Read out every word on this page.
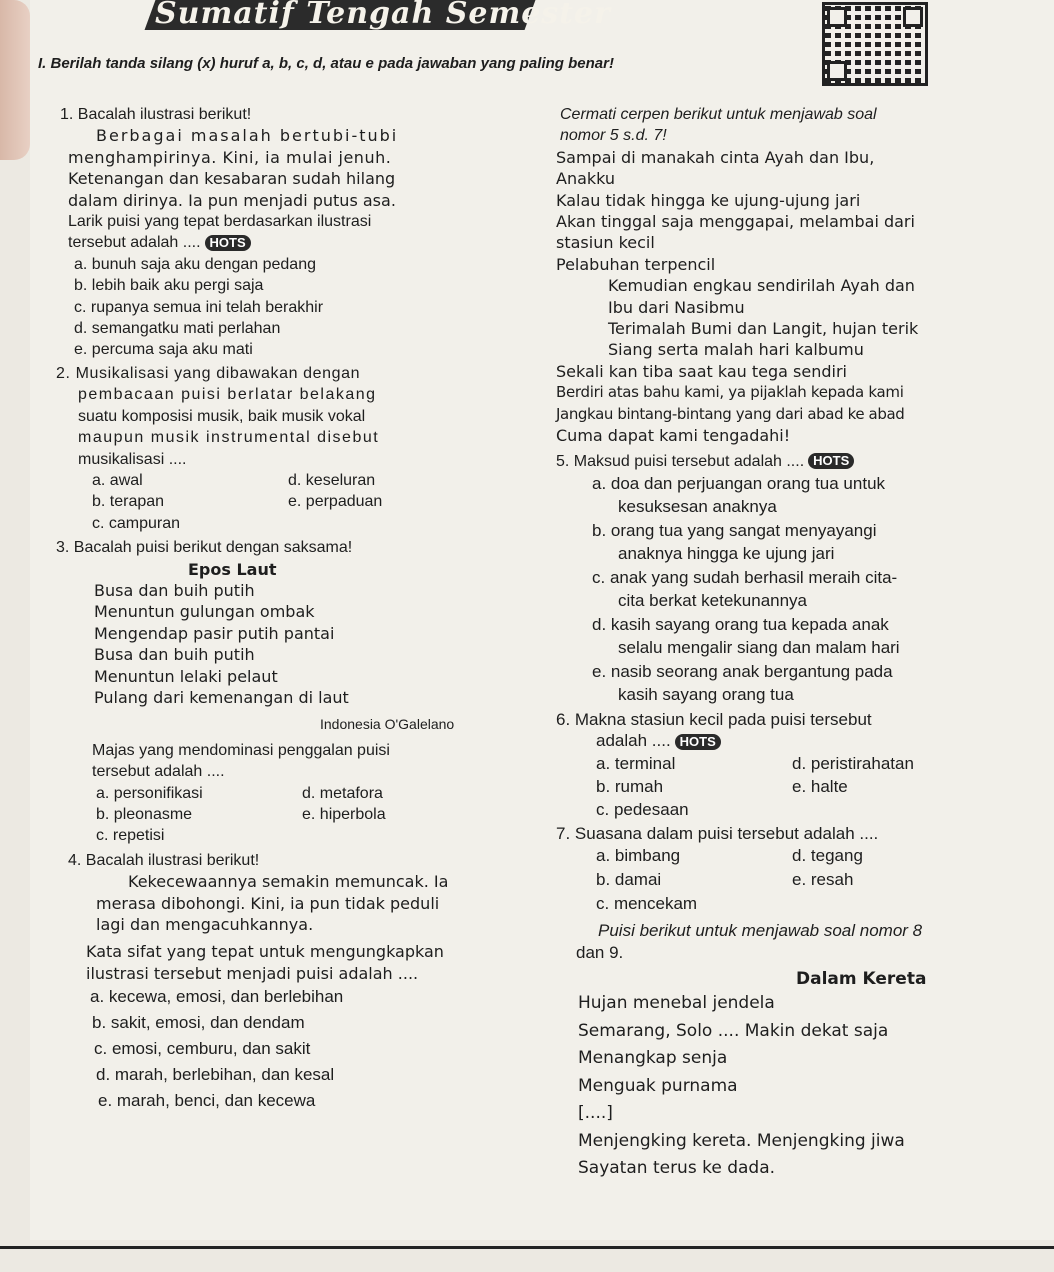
Sumatif Tengah Semester
I. Berilah tanda silang (x) huruf a, b, c, d, atau e pada jawaban yang paling benar!

1. Bacalah ilustrasi berikut!

Berbagai masalah bertubi-tubi

menghampirinya. Kini, ia mulai jenuh.

Ketenangan dan kesabaran sudah hilang

dalam dirinya. Ia pun menjadi putus asa.

Larik puisi yang tepat berdasarkan ilustrasi

tersebut adalah .... HOTS

a. bunuh saja aku dengan pedang

b. lebih baik aku pergi saja

c. rupanya semua ini telah berakhir

d. semangatku mati perlahan

e. percuma saja aku mati

2. Musikalisasi yang dibawakan dengan

pembacaan puisi berlatar belakang

suatu komposisi musik, baik musik vokal

maupun musik instrumental disebut

musikalisasi ....

a. awal	d. keseluran
b. terapan	e. perpaduan
c. campuran

3. Bacalah puisi berikut dengan saksama!

Epos Laut

Busa dan buih putih

Menuntun gulungan ombak

Mengendap pasir putih pantai

Busa dan buih putih

Menuntun lelaki pelaut

Pulang dari kemenangan di laut

Indonesia O'Galelano

Majas yang mendominasi penggalan puisi

tersebut adalah ....

a. personifikasi	d. metafora
b. pleonasme	e. hiperbola
c. repetisi

4. Bacalah ilustrasi berikut!

Kekecewaannya semakin memuncak. Ia

merasa dibohongi. Kini, ia pun tidak peduli

lagi dan mengacuhkannya.

Kata sifat yang tepat untuk mengungkapkan

ilustrasi tersebut menjadi puisi adalah ....

a. kecewa, emosi, dan berlebihan

b. sakit, emosi, dan dendam

c. emosi, cemburu, dan sakit

d. marah, berlebihan, dan kesal

e. marah, benci, dan kecewa

Cermati cerpen berikut untuk menjawab soal

nomor 5 s.d. 7!

Sampai di manakah cinta Ayah dan Ibu,

Anakku

Kalau tidak hingga ke ujung-ujung jari

Akan tinggal saja menggapai, melambai dari

stasiun kecil

Pelabuhan terpencil

Kemudian engkau sendirilah Ayah dan

Ibu dari Nasibmu

Terimalah Bumi dan Langit, hujan terik

Siang serta malah hari kalbumu

Sekali kan tiba saat kau tega sendiri

Berdiri atas bahu kami, ya pijaklah kepada kami

Jangkau bintang-bintang yang dari abad ke abad

Cuma dapat kami tengadahi!

5. Maksud puisi tersebut adalah .... HOTS

a. doa dan perjuangan orang tua untuk

kesuksesan anaknya

b. orang tua yang sangat menyayangi

anaknya hingga ke ujung jari

c. anak yang sudah berhasil meraih cita-

cita berkat ketekunannya

d. kasih sayang orang tua kepada anak

selalu mengalir siang dan malam hari

e. nasib seorang anak bergantung pada

kasih sayang orang tua

6. Makna stasiun kecil pada puisi tersebut

adalah .... HOTS

a. terminal	d. peristirahatan
b. rumah	e. halte
c. pedesaan

7. Suasana dalam puisi tersebut adalah ....

a. bimbang	d. tegang
b. damai	e. resah
c. mencekam

Puisi berikut untuk menjawab soal nomor 8

dan 9.

Dalam Kereta

Hujan menebal jendela

Semarang, Solo .... Makin dekat saja

Menangkap senja

Menguak purnama

[....]

Menjengking kereta. Menjengking jiwa

Sayatan terus ke dada.
